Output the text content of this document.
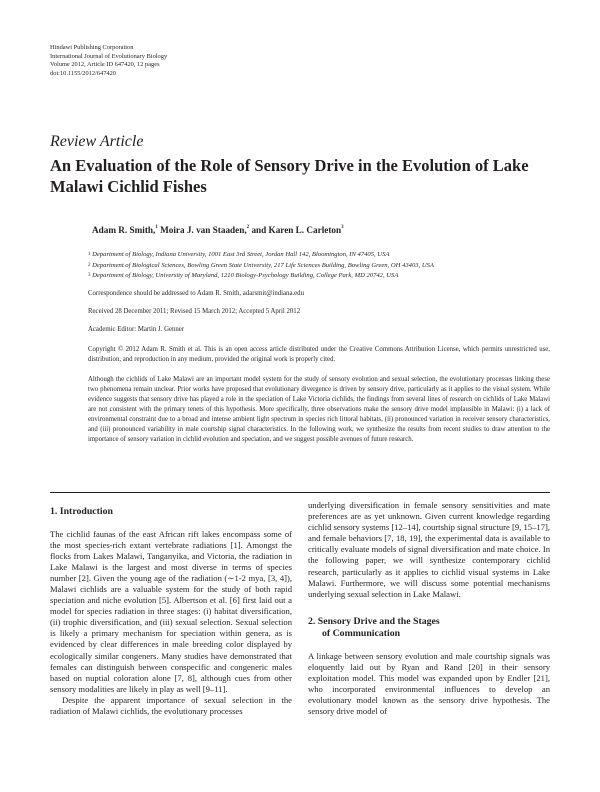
Hindawi Publishing Corporation
International Journal of Evolutionary Biology
Volume 2012, Article ID 647420, 12 pages
doi:10.1155/2012/647420
Review Article
An Evaluation of the Role of Sensory Drive in the Evolution of Lake Malawi Cichlid Fishes
Adam R. Smith,$^1$ Moira J. van Staaden,$^2$ and Karen L. Carleton$^3$
$^1$ Department of Biology, Indiana University, 1001 East 3rd Street, Jordan Hall 142, Bloomington, IN 47405, USA
$^2$ Department of Biological Sciences, Bowling Green State University, 217 Life Sciences Building, Bowling Green, OH 43403, USA
$^3$ Department of Biology, University of Maryland, 1210 Biology-Psychology Building, College Park, MD 20742, USA
Correspondence should be addressed to Adam R. Smith, adarsmit@indiana.edu
Received 28 December 2011; Revised 15 March 2012; Accepted 5 April 2012
Academic Editor: Martin J. Genner
Copyright © 2012 Adam R. Smith et al. This is an open access article distributed under the Creative Commons Attribution License, which permits unrestricted use, distribution, and reproduction in any medium, provided the original work is properly cited.
Although the cichlids of Lake Malawi are an important model system for the study of sensory evolution and sexual selection, the evolutionary processes linking these two phenomena remain unclear. Prior works have proposed that evolutionary divergence is driven by sensory drive, particularly as it applies to the visual system. While evidence suggests that sensory drive has played a role in the speciation of Lake Victoria cichlids, the findings from several lines of research on cichlids of Lake Malawi are not consistent with the primary tenets of this hypothesis. More specifically, three observations make the sensory drive model implausible in Malawi: (i) a lack of environmental constraint due to a broad and intense ambient light spectrum in species rich littoral habitats, (ii) pronounced variation in receiver sensory characteristics, and (iii) pronounced variability in male courtship signal characteristics. In the following work, we synthesize the results from recent studies to draw attention to the importance of sensory variation in cichlid evolution and speciation, and we suggest possible avenues of future research.
1. Introduction

The cichlid faunas of the east African rift lakes encompass some of the most species-rich extant vertebrate radiations [1]. Amongst the flocks from Lakes Malawi, Tanganyika, and Victoria, the radiation in Lake Malawi is the largest and most diverse in terms of species number [2]. Given the young age of the radiation (∼1-2 mya, [3, 4]), Malawi cichlids are a valuable system for the study of both rapid speciation and niche evolution [5]. Albertson et al. [6] first laid out a model for species radiation in three stages: (i) habitat diversification, (ii) trophic diversification, and (iii) sexual selection. Sexual selection is likely a primary mechanism for speciation within genera, as is evidenced by clear differences in male breeding color displayed by ecologically similar congeners. Many studies have demonstrated that females can distinguish between conspecific and congeneric males based on nuptial coloration alone [7, 8], although cues from other sensory modalities are likely in play as well [9–11].

Despite the apparent importance of sexual selection in the radiation of Malawi cichlids, the evolutionary processes

underlying diversification in female sensory sensitivities and mate preferences are as yet unknown. Given current knowledge regarding cichlid sensory systems [12–14], courtship signal structure [9, 15–17], and female behaviors [7, 18, 19], the experimental data is available to critically evaluate models of signal diversification and mate choice. In the following paper, we will synthesize contemporary cichlid research, particularly as it applies to cichlid visual systems in Lake Malawi. Furthermore, we will discuss some potential mechanisms underlying sexual selection in Lake Malawi.

2. Sensory Drive and the Stages
of Communication

A linkage between sensory evolution and male courtship signals was eloquently laid out by Ryan and Rand [20] in their sensory exploitation model. This model was expanded upon by Endler [21], who incorporated environmental influences to develop an evolutionary model known as the sensory drive hypothesis. The sensory drive model of
